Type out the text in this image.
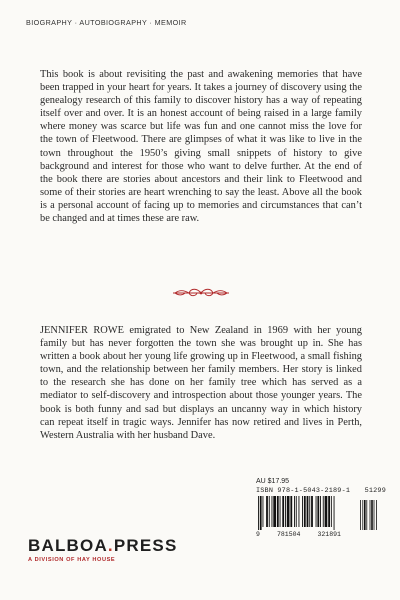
BIOGRAPHY · AUTOBIOGRAPHY · MEMOIR

This book is about revisiting the past and awakening memories that have been trapped in your heart for years. It takes a journey of discovery using the genealogy research of this family to discover history has a way of repeating itself over and over. It is an honest account of being raised in a large family where money was scarce but life was fun and one cannot miss the love for the town of Fleetwood. There are glimpses of what it was like to live in the town throughout the 1950’s giving small snippets of history to give background and interest for those who want to delve further. At the end of the book there are stories about ancestors and their link to Fleetwood and some of their stories are heart wrenching to say the least. Above all the book is a personal account of facing up to memories and circumstances that can’t be changed and at times these are raw.

JENNIFER ROWE emigrated to New Zealand in 1969 with her young family but has never forgotten the town she was brought up in. She has written a book about her young life growing up in Fleetwood, a small fishing town, and the relationship between her family members. Her story is linked to the research she has done on her family tree which has served as a mediator to self-discovery and introspection about those younger years. The book is both funny and sad but displays an uncanny way in which history can repeat itself in tragic ways. Jennifer has now retired and lives in Perth, Western Australia with her husband Dave.

AU $17.95
ISBN 978-1-5043-2189-1 51299
9	781504	321891
BALBOA.PRESS
A DIVISION OF HAY HOUSE
